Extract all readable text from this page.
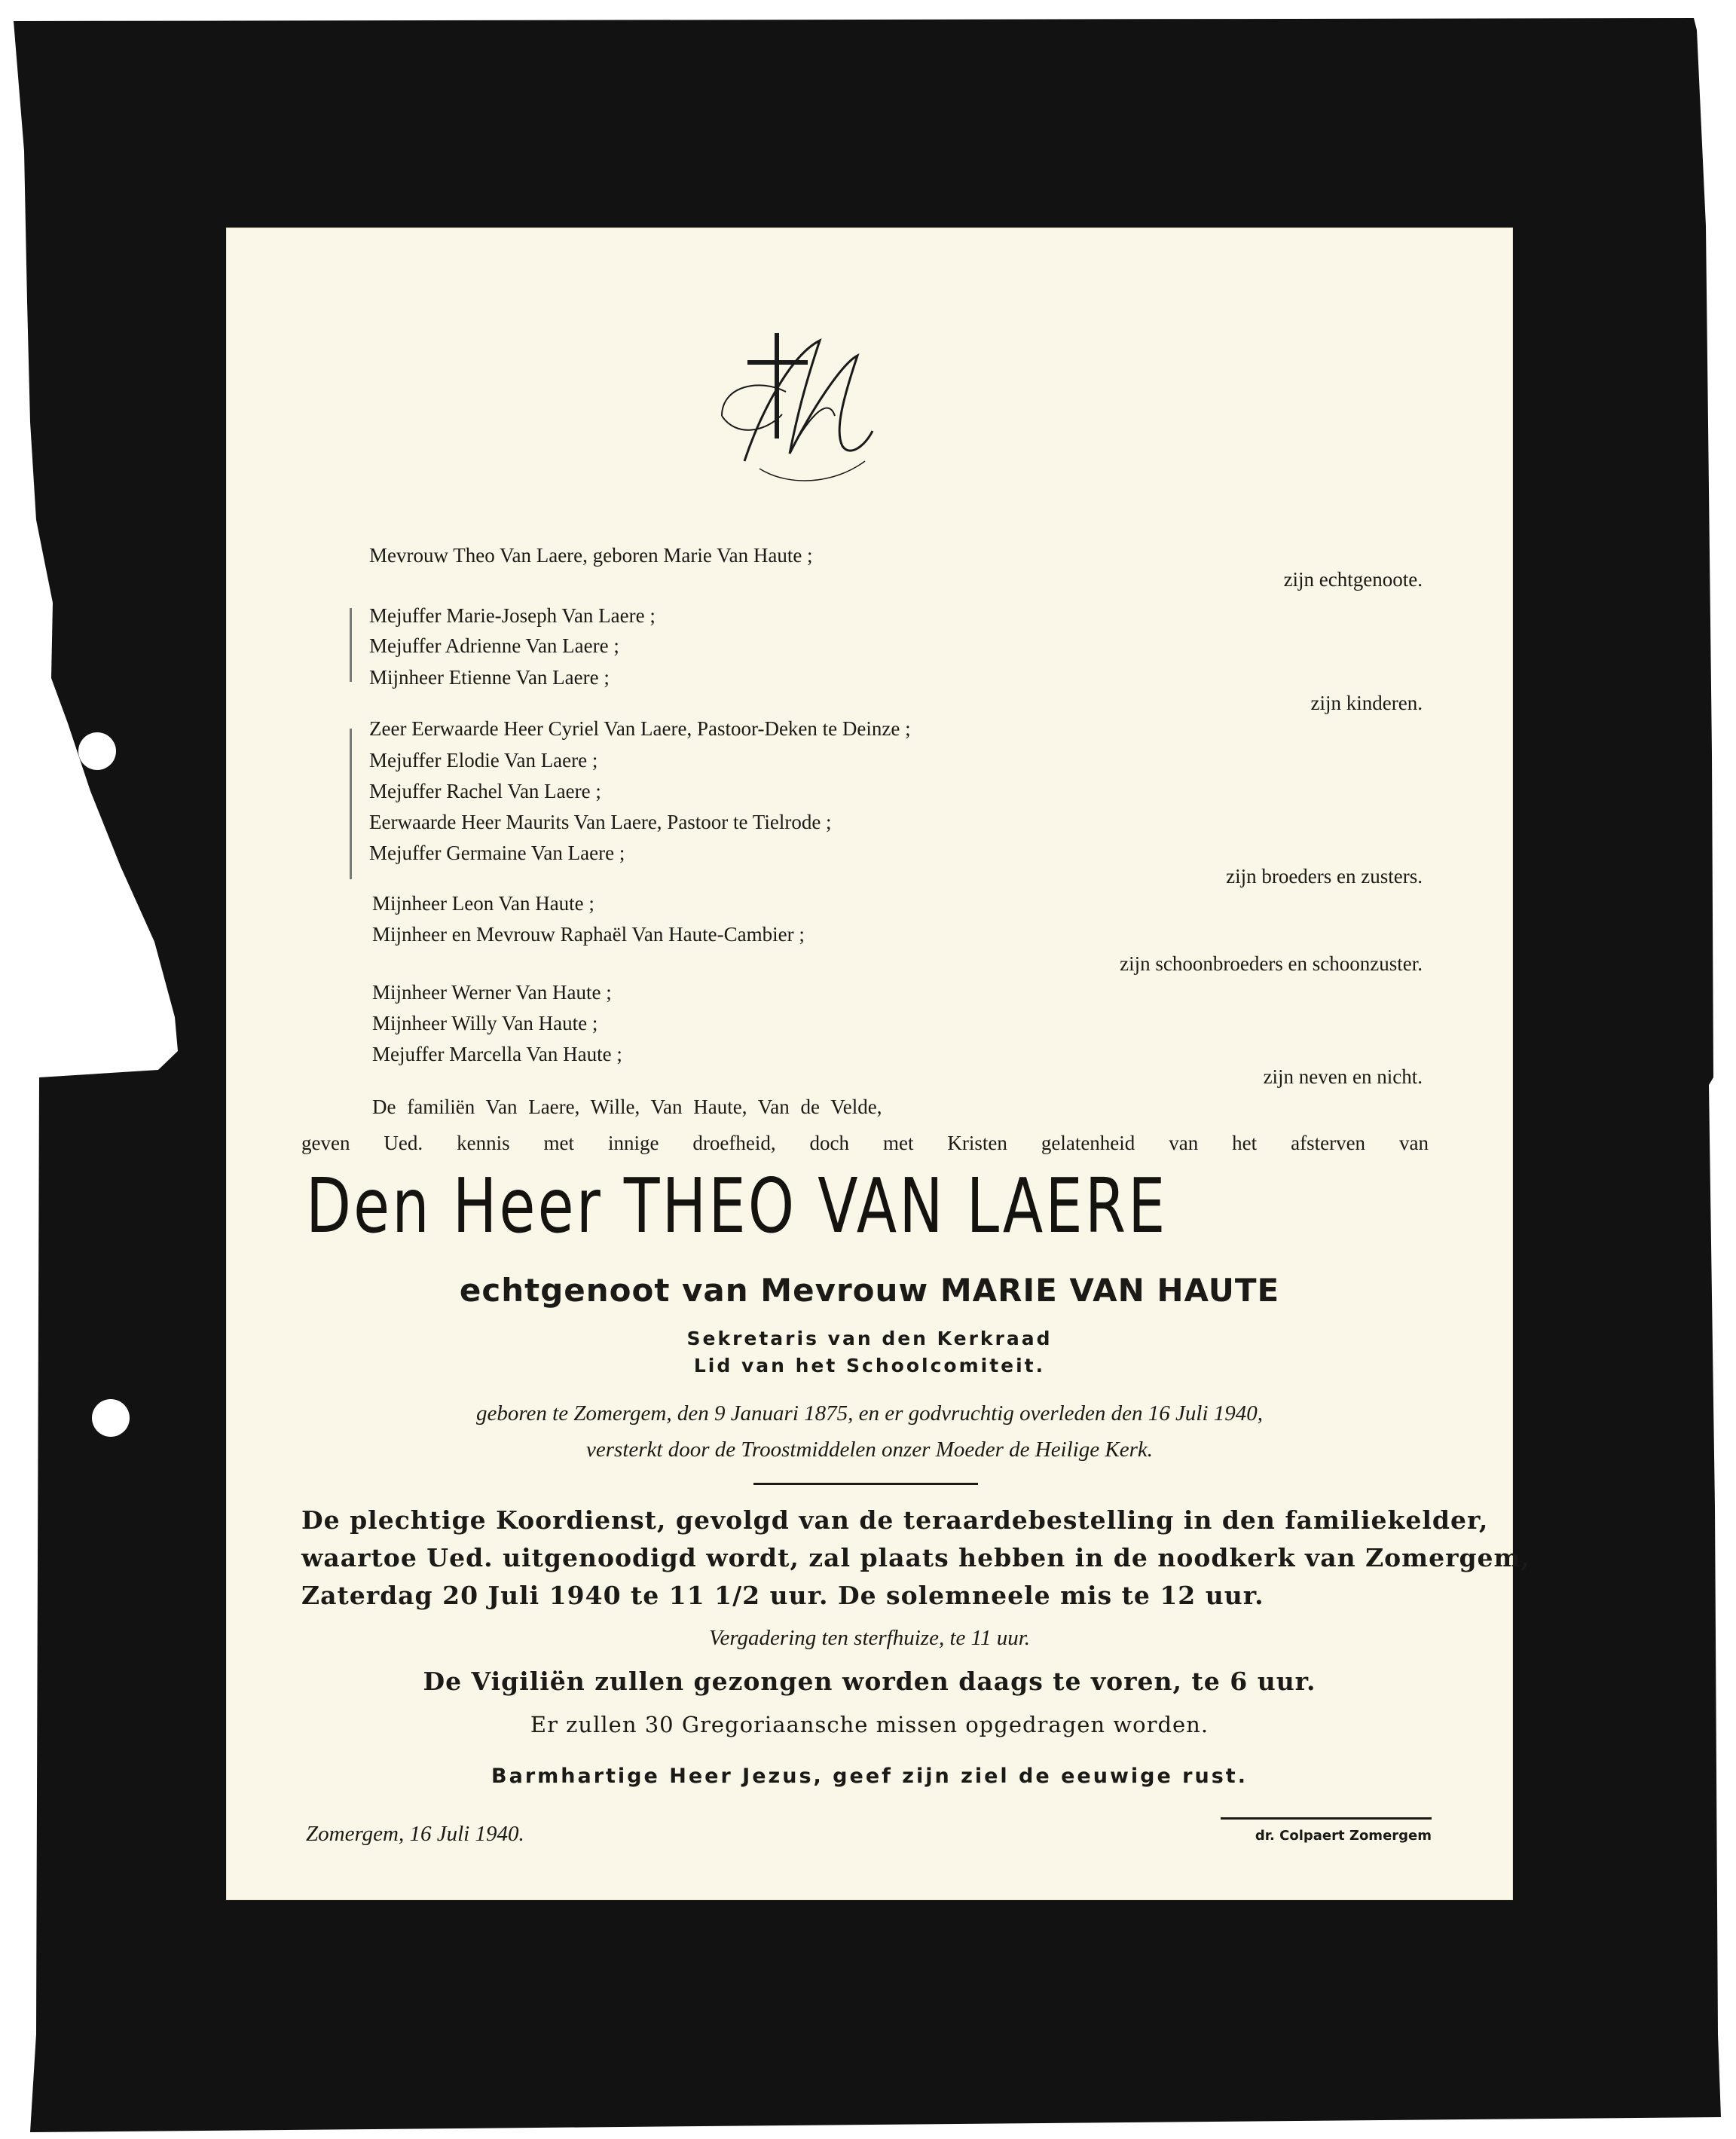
Mevrouw Theo Van Laere, geboren Marie Van Haute ;
zijn echtgenoote.
Mejuffer Marie-Joseph Van Laere ;
Mejuffer Adrienne Van Laere ;
Mijnheer Etienne Van Laere ;
zijn kinderen.
Zeer Eerwaarde Heer Cyriel Van Laere, Pastoor-Deken te Deinze ;
Mejuffer Elodie Van Laere ;
Mejuffer Rachel Van Laere ;
Eerwaarde Heer Maurits Van Laere, Pastoor te Tielrode ;
Mejuffer Germaine Van Laere ;
zijn broeders en zusters.
Mijnheer Leon Van Haute ;
Mijnheer en Mevrouw Raphaël Van Haute-Cambier ;
zijn schoonbroeders en schoonzuster.
Mijnheer Werner Van Haute ;
Mijnheer Willy Van Haute ;
Mejuffer Marcella Van Haute ;
zijn neven en nicht.
De familiën Van Laere, Wille, Van Haute, Van de Velde,
geven Ued. kennis met innige droefheid, doch met Kristen gelatenheid van het afsterven van
Den Heer THEO VAN LAERE
echtgenoot van Mevrouw MARIE VAN HAUTE
Sekretaris van den Kerkraad
Lid van het Schoolcomiteit.
geboren te Zomergem, den 9 Januari 1875, en er godvruchtig overleden den 16 Juli 1940,
versterkt door de Troostmiddelen onzer Moeder de Heilige Kerk.
De plechtige Koordienst, gevolgd van de teraardebestelling in den familiekelder,
waartoe Ued. uitgenoodigd wordt, zal plaats hebben in de noodkerk van Zomergem,
Zaterdag 20 Juli 1940 te 11 1/2 uur. De solemneele mis te 12 uur.
Vergadering ten sterfhuize, te 11 uur.
De Vigiliën zullen gezongen worden daags te voren, te 6 uur.
Er zullen 30 Gregoriaansche missen opgedragen worden.
Barmhartige Heer Jezus, geef zijn ziel de eeuwige rust.
Zomergem, 16 Juli 1940.	dr. Colpaert Zomergem
